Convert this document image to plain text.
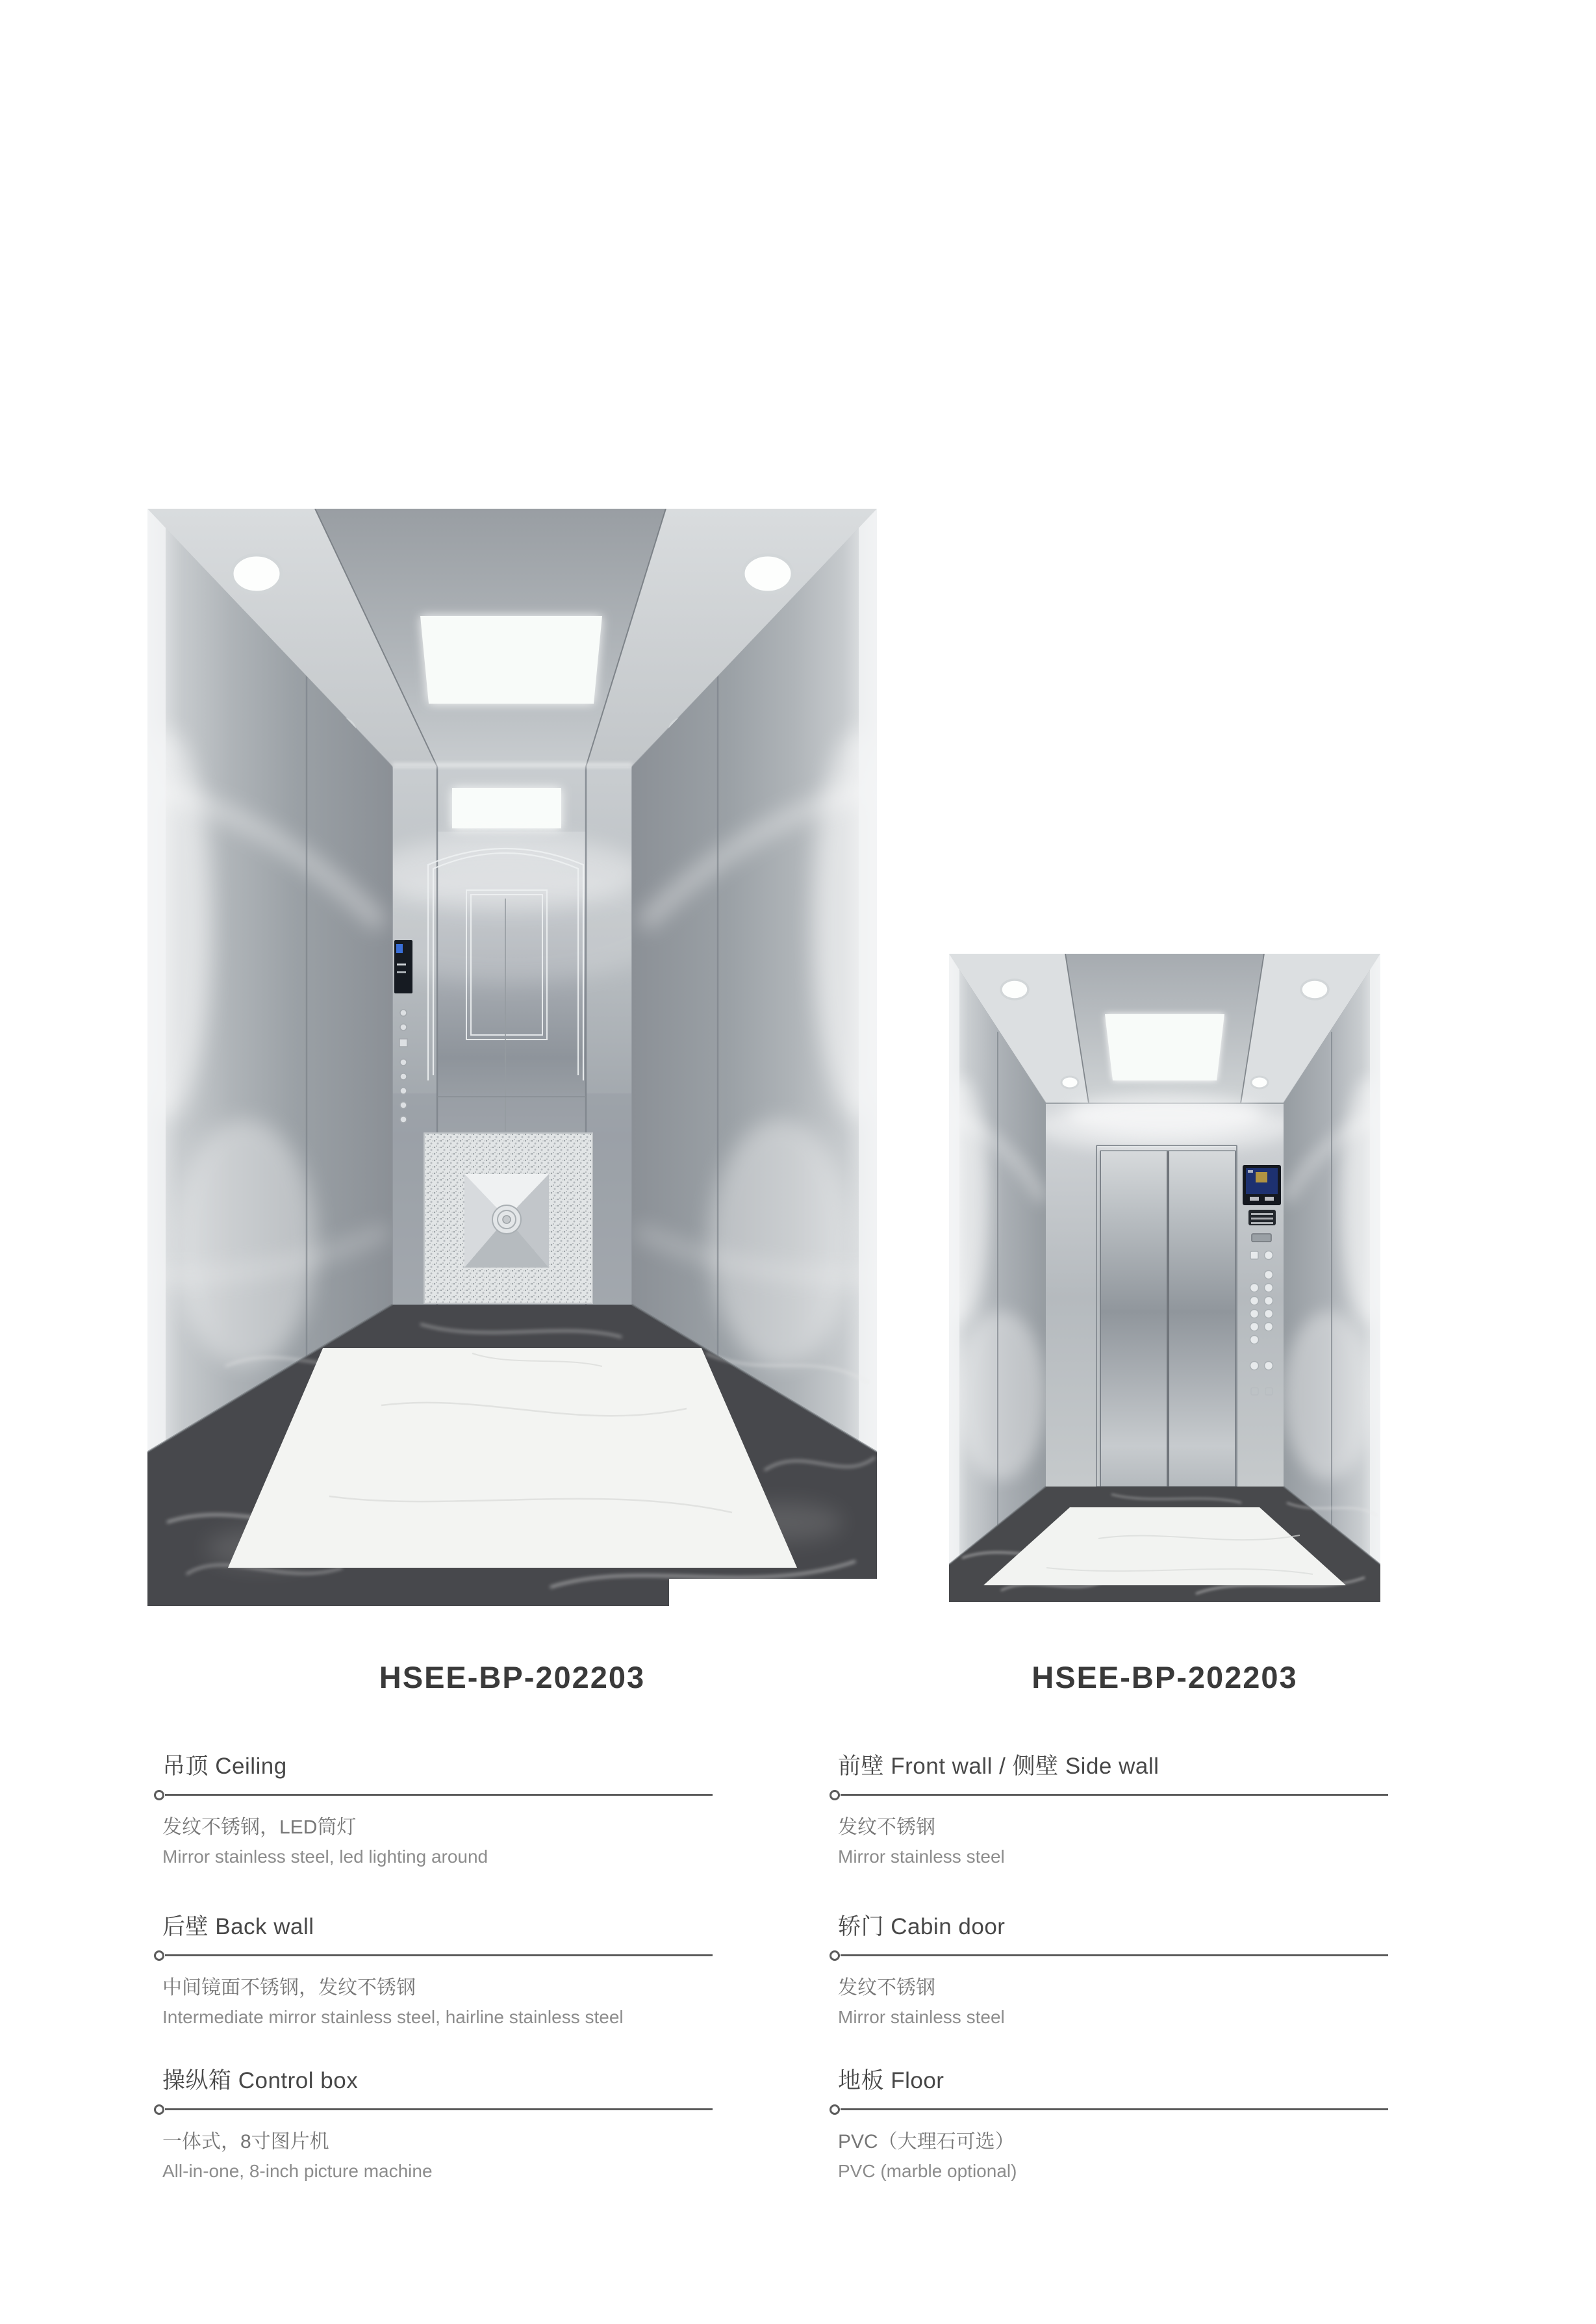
HSEE-BP-202203	HSEE-BP-202203
吊顶 Ceiling
发纹不锈钢，LED筒灯
Mirror stainless steel, led lighting around
后壁 Back wall
中间镜面不锈钢，发纹不锈钢
Intermediate mirror stainless steel, hairline stainless steel
操纵箱 Control box
一体式，8寸图片机
All-in-one, 8-inch picture machine
前壁 Front wall / 侧壁 Side wall
发纹不锈钢
Mirror stainless steel
轿门 Cabin door
发纹不锈钢
Mirror stainless steel
地板 Floor
PVC（大理石可选）
PVC (marble optional)
